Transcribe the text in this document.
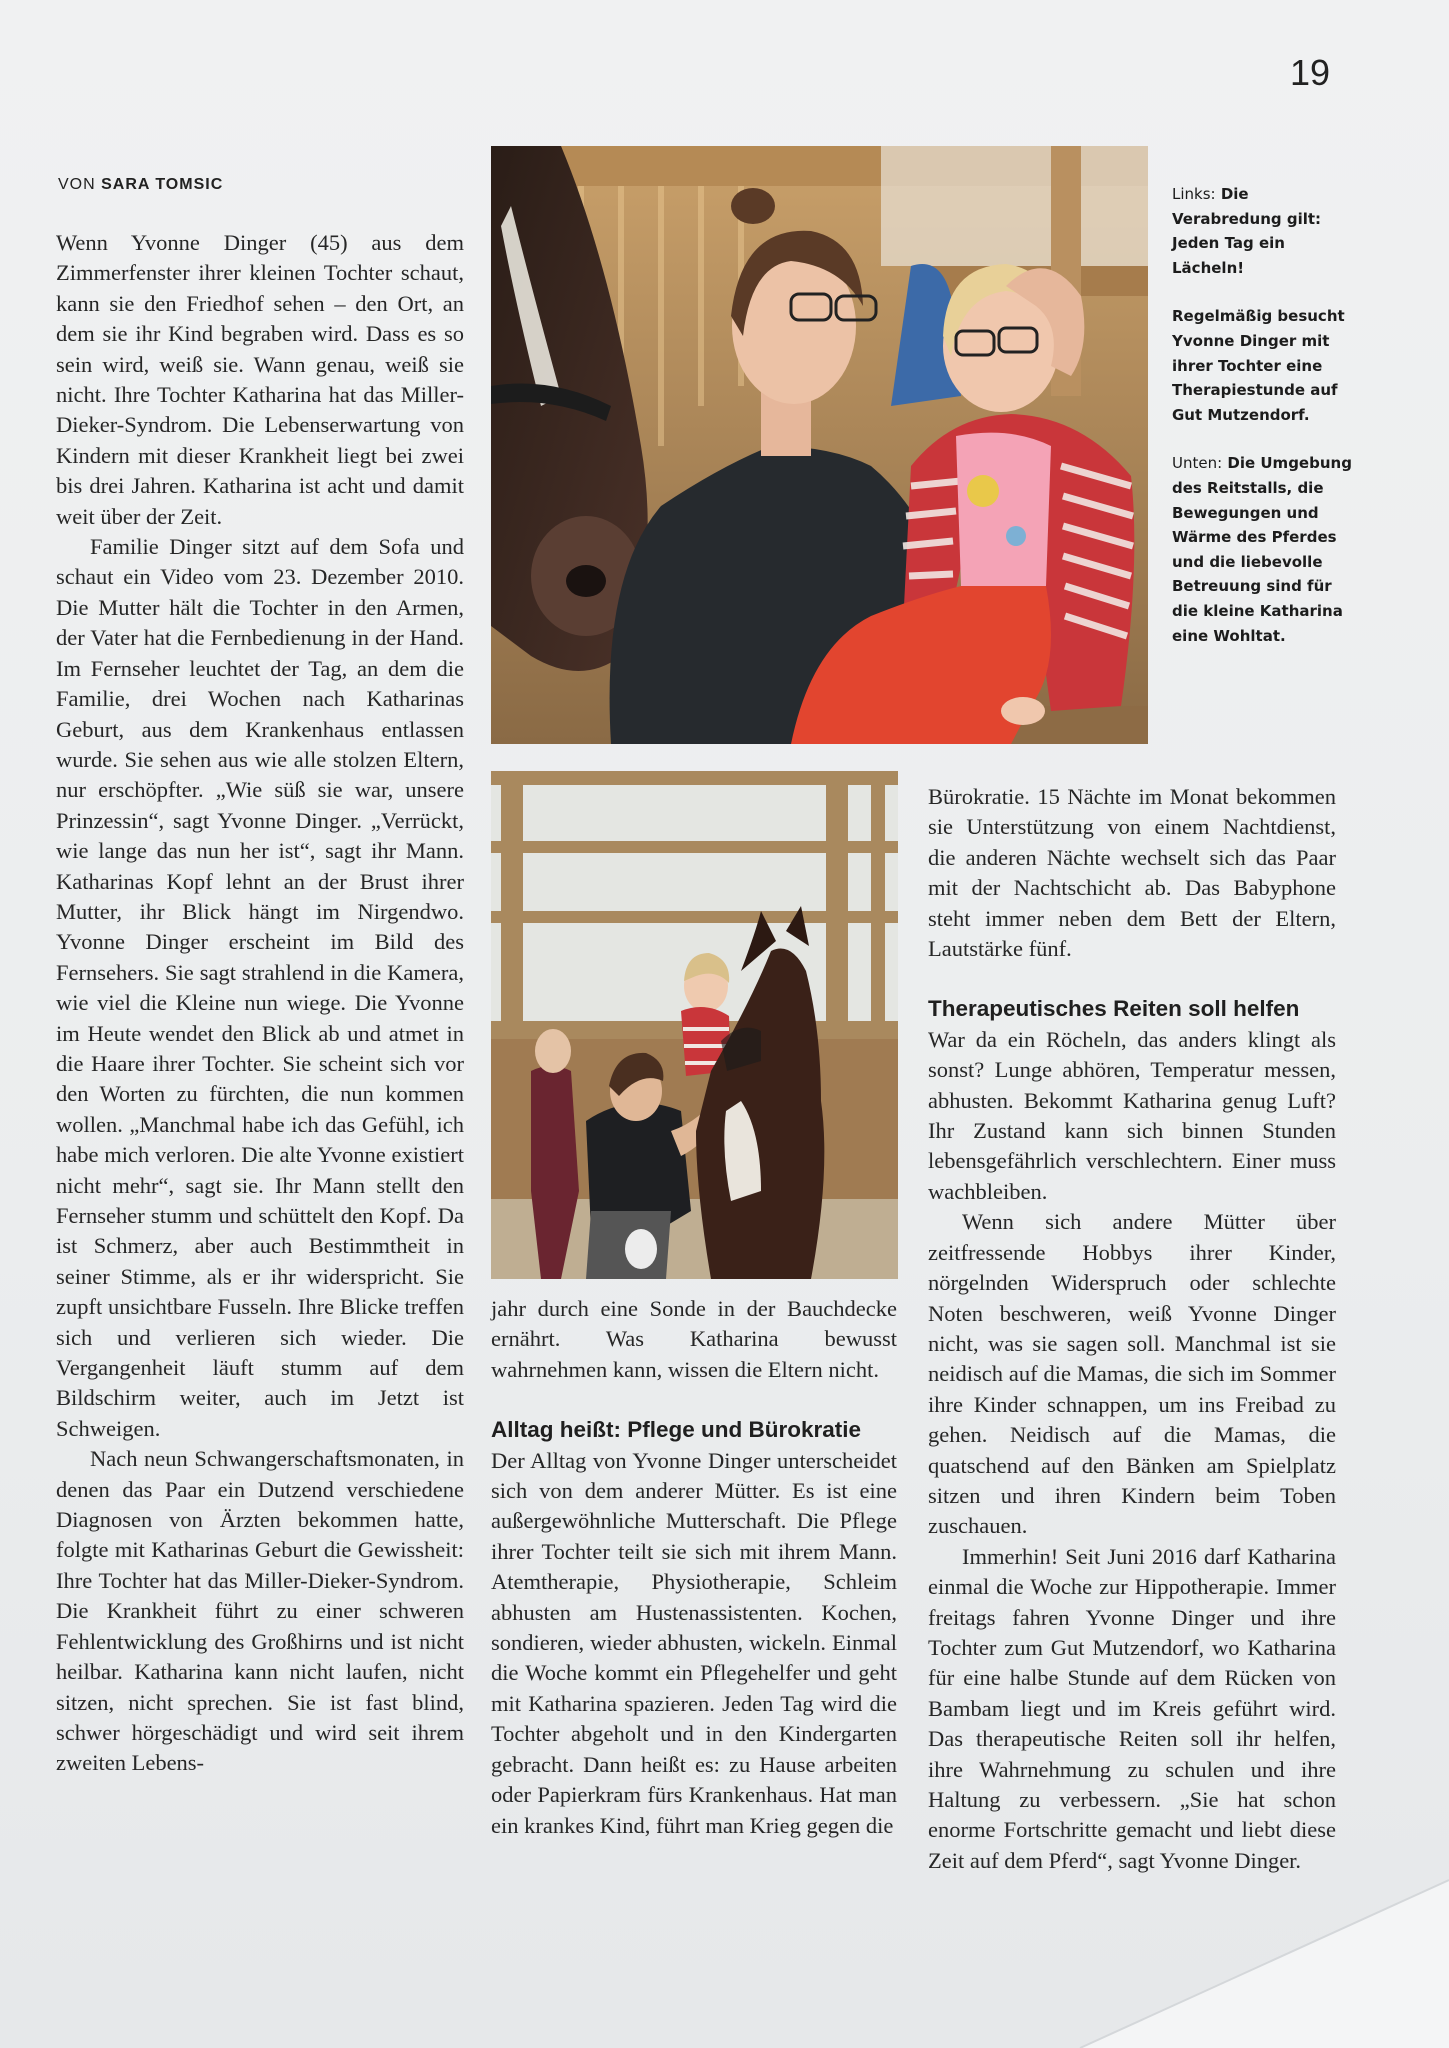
19
VON SARA TOMSIC

Wenn Yvonne Dinger (45) aus dem Zimmerfenster ihrer kleinen Tochter schaut, kann sie den Friedhof sehen – den Ort, an dem sie ihr Kind begraben wird. Dass es so sein wird, weiß sie. Wann genau, weiß sie nicht. Ihre Tochter Katharina hat das Miller-Dieker-Syndrom. Die Lebenserwartung von Kindern mit dieser Krankheit liegt bei zwei bis drei Jahren. Katharina ist acht und damit weit über der Zeit.

Familie Dinger sitzt auf dem Sofa und schaut ein Video vom 23. Dezember 2010. Die Mutter hält die Tochter in den Armen, der Vater hat die Fernbedienung in der Hand. Im Fernseher leuchtet der Tag, an dem die Familie, drei Wochen nach Katharinas Geburt, aus dem Krankenhaus entlassen wurde. Sie sehen aus wie alle stolzen Eltern, nur erschöpfter. „Wie süß sie war, unsere Prinzessin“, sagt Yvonne Dinger. „Verrückt, wie lange das nun her ist“, sagt ihr Mann. Katharinas Kopf lehnt an der Brust ihrer Mutter, ihr Blick hängt im Nirgendwo. Yvonne Dinger erscheint im Bild des Fernsehers. Sie sagt strahlend in die Kamera, wie viel die Kleine nun wiege. Die Yvonne im Heute wendet den Blick ab und atmet in die Haare ihrer Tochter. Sie scheint sich vor den Worten zu fürchten, die nun kommen wollen. „Manchmal habe ich das Gefühl, ich habe mich verloren. Die alte Yvonne existiert nicht mehr“, sagt sie. Ihr Mann stellt den Fernseher stumm und schüttelt den Kopf. Da ist Schmerz, aber auch Bestimmtheit in seiner Stimme, als er ihr widerspricht. Sie zupft unsichtbare Fusseln. Ihre Blicke treffen sich und verlieren sich wieder. Die Vergangenheit läuft stumm auf dem Bildschirm weiter, auch im Jetzt ist Schweigen.

Nach neun Schwangerschaftsmonaten, in denen das Paar ein Dutzend verschiedene Diagnosen von Ärzten bekommen hatte, folgte mit Katharinas Geburt die Gewissheit: Ihre Tochter hat das Miller-Dieker-Syndrom. Die Krankheit führt zu einer schweren Fehlentwicklung des Großhirns und ist nicht heilbar. Katharina kann nicht laufen, nicht sitzen, nicht sprechen. Sie ist fast blind, schwer hörgeschädigt und wird seit ihrem zweiten Lebens-

Links: Die Verabredung gilt: Jeden Tag ein Lächeln!

Regelmäßig besucht Yvonne Dinger mit ihrer Tochter eine Therapiestunde auf Gut Mutzendorf.

Unten: Die Umgebung des Reitstalls, die Bewegungen und Wärme des Pferdes und die liebevolle Betreuung sind für die kleine Katharina eine Wohltat.

jahr durch eine Sonde in der Bauchdecke ernährt. Was Katharina bewusst wahrnehmen kann, wissen die Eltern nicht.

Alltag heißt: Pflege und Bürokratie

Der Alltag von Yvonne Dinger unterscheidet sich von dem anderer Mütter. Es ist eine außergewöhnliche Mutterschaft. Die Pflege ihrer Tochter teilt sie sich mit ihrem Mann. Atemtherapie, Physiotherapie, Schleim abhusten am Hustenassistenten. Kochen, sondieren, wieder abhusten, wickeln. Einmal die Woche kommt ein Pflegehelfer und geht mit Katharina spazieren. Jeden Tag wird die Tochter abgeholt und in den Kindergarten gebracht. Dann heißt es: zu Hause arbeiten oder Papierkram fürs Krankenhaus. Hat man ein krankes Kind, führt man Krieg gegen die

Bürokratie. 15 Nächte im Monat bekommen sie Unterstützung von einem Nachtdienst, die anderen Nächte wechselt sich das Paar mit der Nachtschicht ab. Das Babyphone steht immer neben dem Bett der Eltern, Lautstärke fünf.

Therapeutisches Reiten soll helfen

War da ein Röcheln, das anders klingt als sonst? Lunge abhören, Temperatur messen, abhusten. Bekommt Katharina genug Luft? Ihr Zustand kann sich binnen Stunden lebensgefährlich verschlechtern. Einer muss wachbleiben.

Wenn sich andere Mütter über zeitfressende Hobbys ihrer Kinder, nörgelnden Widerspruch oder schlechte Noten beschweren, weiß Yvonne Dinger nicht, was sie sagen soll. Manchmal ist sie neidisch auf die Mamas, die sich im Sommer ihre Kinder schnappen, um ins Freibad zu gehen. Neidisch auf die Mamas, die quatschend auf den Bänken am Spielplatz sitzen und ihren Kindern beim Toben zuschauen.

Immerhin! Seit Juni 2016 darf Katharina einmal die Woche zur Hippotherapie. Immer freitags fahren Yvonne Dinger und ihre Tochter zum Gut Mutzendorf, wo Katharina für eine halbe Stunde auf dem Rücken von Bambam liegt und im Kreis geführt wird. Das therapeutische Reiten soll ihr helfen, ihre Wahrnehmung zu schulen und ihre Haltung zu verbessern. „Sie hat schon enorme Fortschritte gemacht und liebt diese Zeit auf dem Pferd“, sagt Yvonne Dinger.
